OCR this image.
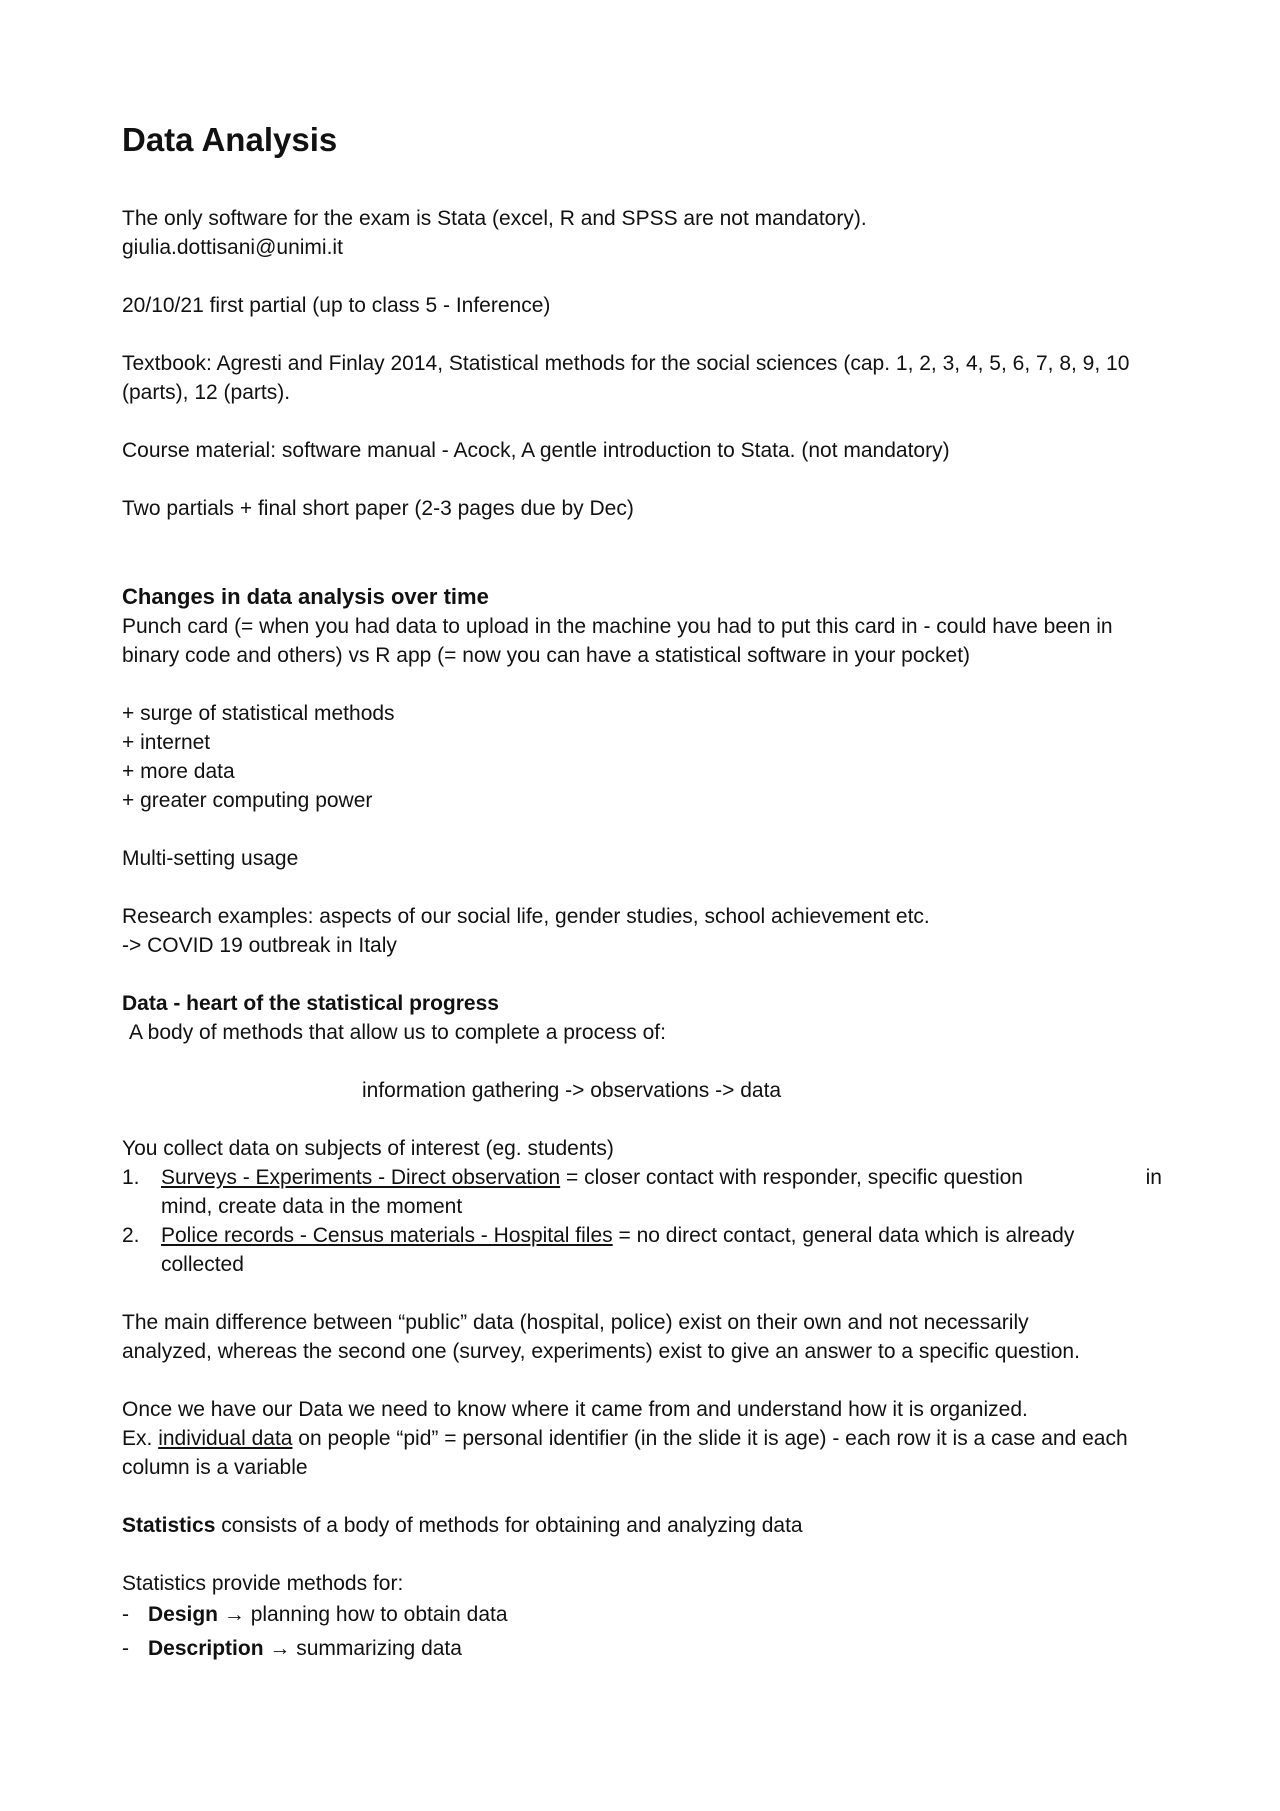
Data Analysis

The only software for the exam is Stata (excel, R and SPSS are not mandatory).

giulia.dottisani@unimi.it

20/10/21 first partial (up to class 5 - Inference)

Textbook: Agresti and Finlay 2014, Statistical methods for the social sciences (cap. 1, 2, 3, 4, 5, 6, 7, 8, 9, 10

(parts), 12 (parts).

Course material: software manual - Acock, A gentle introduction to Stata. (not mandatory)

Two partials + final short paper (2-3 pages due by Dec)

Changes in data analysis over time

Punch card (= when you had data to upload in the machine you had to put this card in - could have been in

binary code and others) vs R app (= now you can have a statistical software in your pocket)

+ surge of statistical methods

+ internet

+ more data

+ greater computing power

Multi-setting usage

Research examples: aspects of our social life, gender studies, school achievement etc.

-> COVID 19 outbreak in Italy

Data - heart of the statistical progress

A body of methods that allow us to complete a process of:

information gathering -> observations -> data

You collect data on subjects of interest (eg. students)

1. Surveys - Experiments - Direct observation = closer contact with responder, specific question	in
mind, create data in the moment
2. Police records - Census materials - Hospital files = no direct contact, general data which is already
collected

The main difference between “public” data (hospital, police) exist on their own and not necessarily

analyzed, whereas the second one (survey, experiments) exist to give an answer to a specific question.

Once we have our Data we need to know where it came from and understand how it is organized.

Ex. individual data on people “pid” = personal identifier (in the slide it is age) - each row it is a case and each

column is a variable

Statistics consists of a body of methods for obtaining and analyzing data

Statistics provide methods for:

- Design → planning how to obtain data
- Description → summarizing data
